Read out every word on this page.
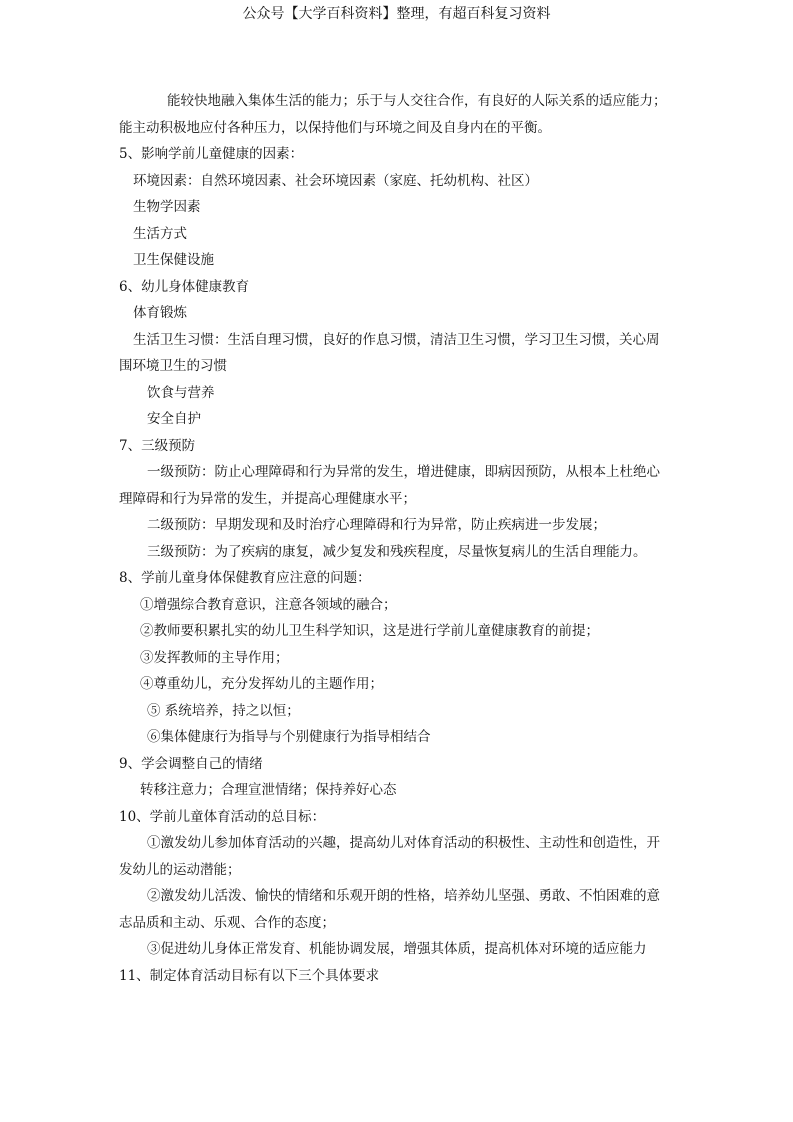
公众号【大学百科资料】整理，有超百科复习资料
能较快地融入集体生活的能力；乐于与人交往合作，有良好的人际关系的适应能力；
能主动积极地应付各种压力，以保持他们与环境之间及自身内在的平衡。
5、影响学前儿童健康的因素：
环境因素：自然环境因素、社会环境因素（家庭、托幼机构、社区）
生物学因素
生活方式
卫生保健设施
6、幼儿身体健康教育
体育锻炼
生活卫生习惯：生活自理习惯，良好的作息习惯，清洁卫生习惯，学习卫生习惯，关心周
围环境卫生的习惯
饮食与营养
安全自护
7、三级预防
一级预防：防止心理障碍和行为异常的发生，增进健康，即病因预防，从根本上杜绝心
理障碍和行为异常的发生，并提高心理健康水平；
二级预防：早期发现和及时治疗心理障碍和行为异常，防止疾病进一步发展；
三级预防：为了疾病的康复，减少复发和残疾程度，尽量恢复病儿的生活自理能力。
8、学前儿童身体保健教育应注意的问题：
①增强综合教育意识，注意各领域的融合；
②教师要积累扎实的幼儿卫生科学知识，这是进行学前儿童健康教育的前提；
③发挥教师的主导作用；
④尊重幼儿，充分发挥幼儿的主题作用；
⑤ 系统培养，持之以恒；
⑥集体健康行为指导与个别健康行为指导相结合
9、学会调整自己的情绪
转移注意力；合理宣泄情绪；保持养好心态
10、学前儿童体育活动的总目标：
①激发幼儿参加体育活动的兴趣，提高幼儿对体育活动的积极性、主动性和创造性，开
发幼儿的运动潜能；
②激发幼儿活泼、愉快的情绪和乐观开朗的性格，培养幼儿坚强、勇敢、不怕困难的意
志品质和主动、乐观、合作的态度；
③促进幼儿身体正常发育、机能协调发展，增强其体质，提高机体对环境的适应能力
11、制定体育活动目标有以下三个具体要求
